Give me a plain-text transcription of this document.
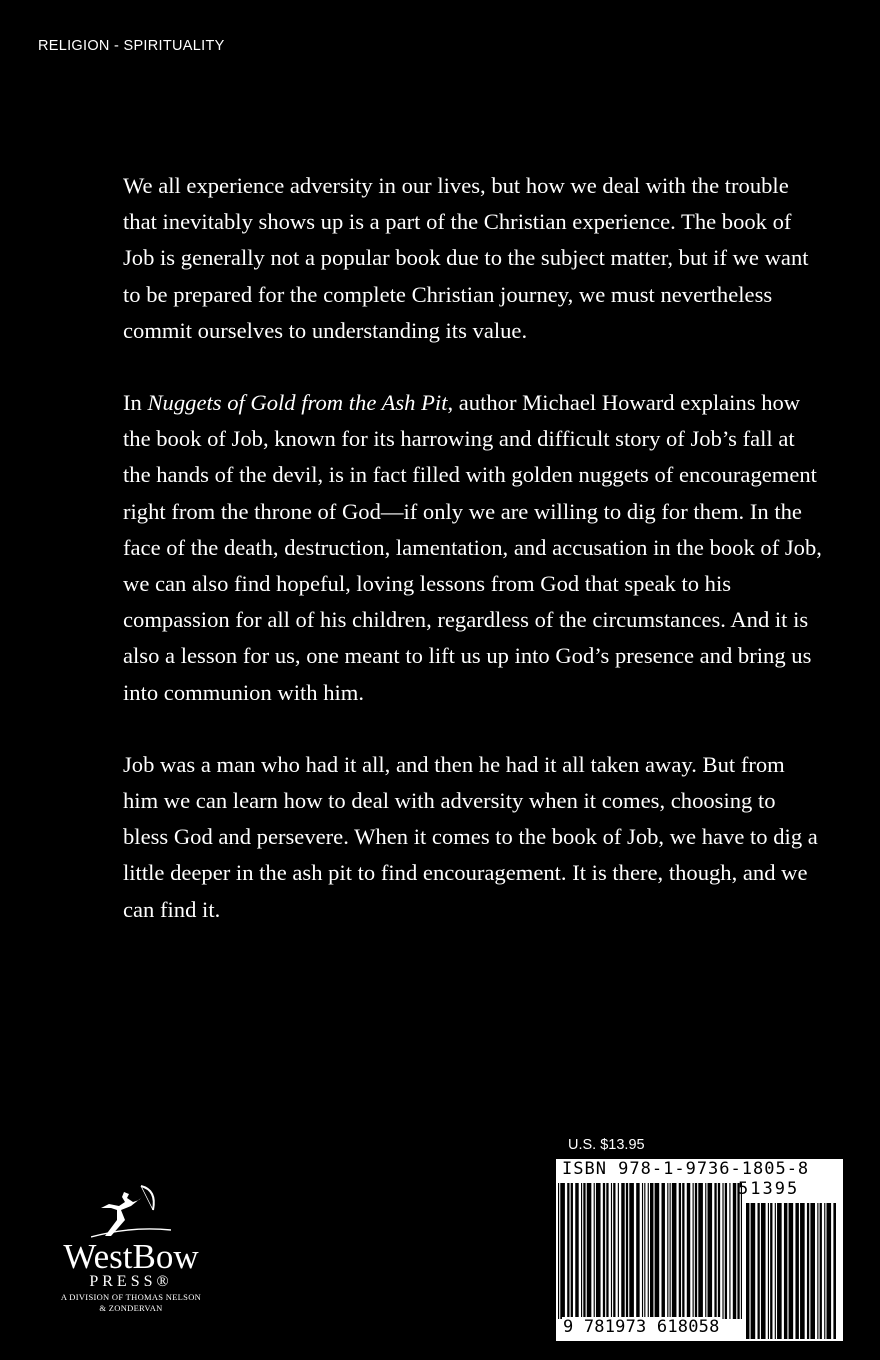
RELIGION - SPIRITUALITY

We all experience adversity in our lives, but how we deal with the trouble that inevitably shows up is a part of the Christian experience. The book of Job is generally not a popular book due to the subject matter, but if we want to be prepared for the complete Christian journey, we must nevertheless commit ourselves to understanding its value.

In Nuggets of Gold from the Ash Pit, author Michael Howard explains how the book of Job, known for its harrowing and difficult story of Job’s fall at the hands of the devil, is in fact filled with golden nuggets of encouragement right from the throne of God—if only we are willing to dig for them. In the face of the death, destruction, lamentation, and accusation in the book of Job, we can also find hopeful, loving lessons from God that speak to his compassion for all of his children, regardless of the circumstances. And it is also a lesson for us, one meant to lift us up into God’s presence and bring us into communion with him.

Job was a man who had it all, and then he had it all taken away. But from him we can learn how to deal with adversity when it comes, choosing to bless God and persevere. When it comes to the book of Job, we have to dig a little deeper in the ash pit to find encouragement. It is there, though, and we can find it.

U.S. $13.95
ISBN 978-1-9736-1805-8
51395
9 781973 618058
WestBow
PRESS®
A DIVISION OF THOMAS NELSON
& ZONDERVAN
